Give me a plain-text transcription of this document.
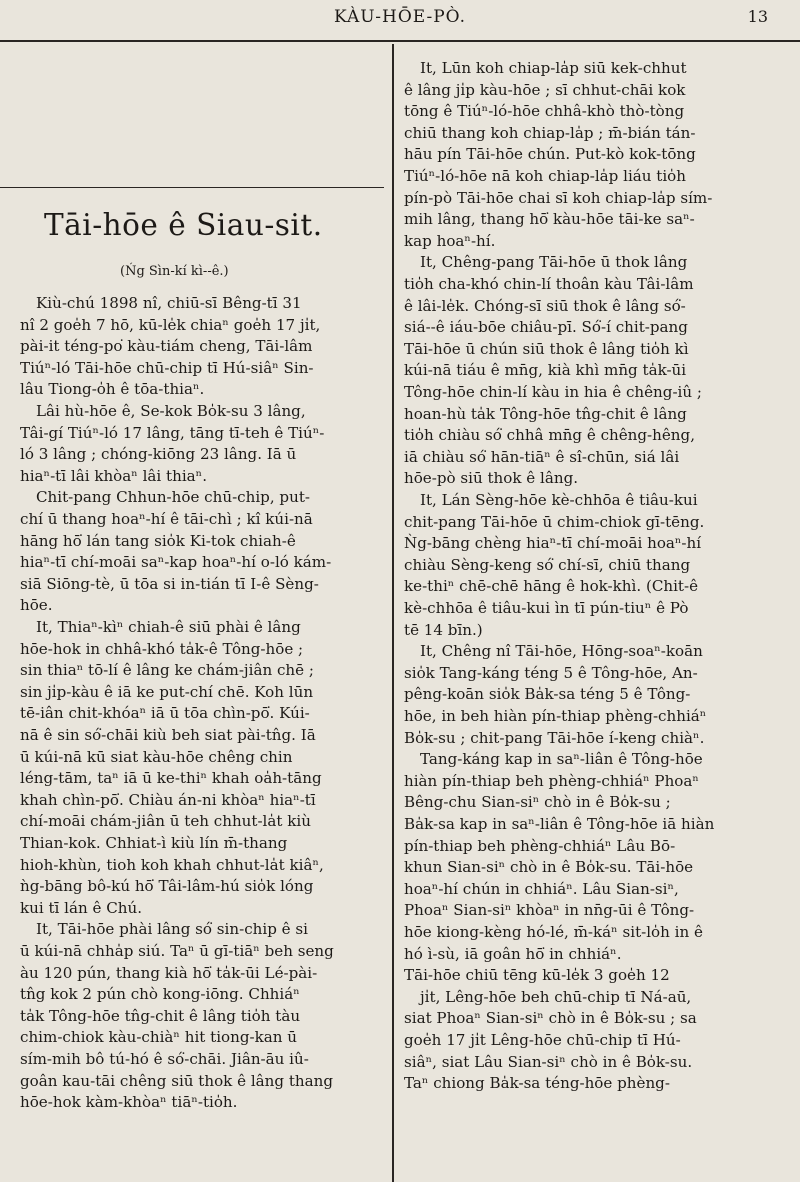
KÀU-HŌE-PÒ.	13
Tāi-hōe ê Siau-sit.
(Ńg Sìn-kí kì--ê.)
Kiù-chú 1898 nî, chiū-sī Bêng-tī 31
nî 2 goe̍h 7 hō, kū-le̍k chiaⁿ goe̍h 17 ji̍t,
pài-it téng-po͘ kàu-tiám cheng, Tāi-lâm
Tiúⁿ-ló Tāi-hōe chū-chip tī Hú-siâⁿ Sin-
lâu Tiong-o̍h ê tōa-thiaⁿ.
Lâi hù-hōe ê, Se-kok Bo̍k-su 3 lâng,
Tâi-gí Tiúⁿ-ló 17 lâng, tāng tī-teh ê Tiúⁿ-
ló 3 lâng ; chóng-kiōng 23 lâng. Iā ū
hiaⁿ-tī lâi khòaⁿ lâi thiaⁿ.
Chit-pang Chhun-hōe chū-chip, put-
chí ū thang hoaⁿ-hí ê tāi-chì ; kî kúi-nā
hāng hō͘ lán tang sio̍k Ki-tok chiah-ê
hiaⁿ-tī chí-moāi saⁿ-kap hoaⁿ-hí o-ló kám-
siā Siōng-tè, ū tōa si in-tián tī I-ê Sèng-
hōe.
It, Thiaⁿ-kìⁿ chiah-ê siū phài ê lâng
hōe-hok in chhâ-khó ta̍k-ê Tông-hōe ;
sin thiaⁿ tō-lí ê lâng ke chám-jiân chē ;
sin jı̍p-kàu ê iā ke put-chí chē. Koh lūn
tē-iân chit-khóaⁿ iā ū tōa chìn-pō͘. Kúi-
nā ê sin só͘-chāi kiù beh siat pài-tn̂g. Iā
ū kúi-nā kū siat kàu-hōe chêng chin
léng-tām, taⁿ iā ū ke-thiⁿ khah oa̍h-tāng
khah chìn-pō͘. Chiàu án-ni khòaⁿ hiaⁿ-tī
chí-moāi chám-jiân ū teh chhut-la̍t kiù
Thian-kok. Chhiat-ì kiù lín m̄-thang
hioh-khùn, tioh koh khah chhut-la̍t kiâⁿ,
ǹg-bāng bô-kú hō͘ Tâi-lâm-hú sio̍k lóng
kui tī lán ê Chú.
It, Tāi-hōe phài lâng só͘ sin-chip ê si
ū kúi-nā chha̍p siú. Taⁿ ū gī-tiāⁿ beh seng
àu 120 pún, thang kià hō͘ ta̍k-ūi Lé-pài-
tn̂g kok 2 pún chò kong-iōng. Chhiáⁿ
ta̍k Tông-hōe tn̂g-chit ê lâng tio̍h tàu
chim-chiok kàu-chiàⁿ hit tiong-kan ū
sím-mih bô tú-hó ê só͘-chāi. Jiân-āu iû-
goân kau-tāi chêng siū thok ê lâng thang
hōe-hok kàm-khòaⁿ tiāⁿ-tio̍h.
It, Lūn koh chiap-la̍p siū kek-chhut
ê lâng ji̍p kàu-hōe ; sī chhut-chāi kok
tōng ê Tiúⁿ-ló-hōe chhâ-khò thò-tòng
chiū thang koh chiap-la̍p ; m̄-bián tán-
hāu pín Tāi-hōe chún. Put-kò kok-tōng
Tiúⁿ-ló-hōe nā koh chiap-la̍p liáu tio̍h
pín-pò Tāi-hōe chai sī koh chiap-la̍p sím-
mih lâng, thang hō͘ kàu-hōe tāi-ke saⁿ-
kap hoaⁿ-hí.
It, Chêng-pang Tāi-hōe ū thok lâng
tio̍h cha-khó chin-lí thoân kàu Tâi-lâm
ê lâi-le̍k. Chóng-sī siū thok ê lâng só͘-
siá--ê iáu-bōe chiâu-pī. Só͘-í chit-pang
Tāi-hōe ū chún siū thok ê lâng tio̍h kì
kúi-nā tiáu ê mn̄g, kià khì mn̄g ta̍k-ūi
Tông-hōe chin-lí kàu in hia ê chêng-iû ;
hoan-hù ta̍k Tông-hōe tn̂g-chit ê lâng
tio̍h chiàu só͘ chhâ mn̄g ê chêng-hêng,
iā chiàu só͘ hān-tiāⁿ ê sî-chūn, siá lâi
hōe-pò siū thok ê lâng.
It, Lán Sèng-hōe kè-chhōa ê tiâu-kui
chit-pang Tāi-hōe ū chim-chiok gī-tēng.
Ǹg-bāng chèng hiaⁿ-tī chí-moāi hoaⁿ-hí
chiàu Sèng-keng só͘ chí-sī, chiū thang
ke-thiⁿ chē-chē hāng ê hok-khì. (Chit-ê
kè-chhōa ê tiâu-kui ìn tī pún-tiuⁿ ê Pò
tē 14 bīn.)
It, Chêng nî Tāi-hōe, Hōng-soaⁿ-koān
sio̍k Tang-káng téng 5 ê Tông-hōe, An-
pêng-koān sio̍k Ba̍k-sa téng 5 ê Tông-
hōe, in beh hiàn pín-thiap phèng-chhiáⁿ
Bo̍k-su ; chit-pang Tāi-hōe í-keng chiàⁿ.
Tang-káng kap in saⁿ-liân ê Tông-hōe
hiàn pín-thiap beh phèng-chhiáⁿ Phoaⁿ
Bêng-chu Sian-siⁿ chò in ê Bo̍k-su ;
Ba̍k-sa kap in saⁿ-liân ê Tông-hōe iā hiàn
pín-thiap beh phèng-chhiáⁿ Lâu Bō-
khun Sian-siⁿ chò in ê Bo̍k-su. Tāi-hōe
hoaⁿ-hí chún in chhiáⁿ. Lâu Sian-siⁿ,
Phoaⁿ Sian-siⁿ khòaⁿ in nn̄g-ūi ê Tông-
hōe kiong-kèng hó-lé, m̄-káⁿ sit-lo̍h in ê
hó ì-sù, iā goân hō͘ in chhiáⁿ.
Tāi-hōe chiū tēng kū-le̍k 3 goe̍h 12
ji̍t, Lêng-hōe beh chū-chip tī Ná-aū,
siat Phoaⁿ Sian-siⁿ chò in ê Bo̍k-su ; sa
goe̍h 17 ji̍t Lêng-hōe chū-chip tī Hú-
siâⁿ, siat Lâu Sian-siⁿ chò in ê Bo̍k-su.
Taⁿ chiong Ba̍k-sa téng-hōe phèng-
